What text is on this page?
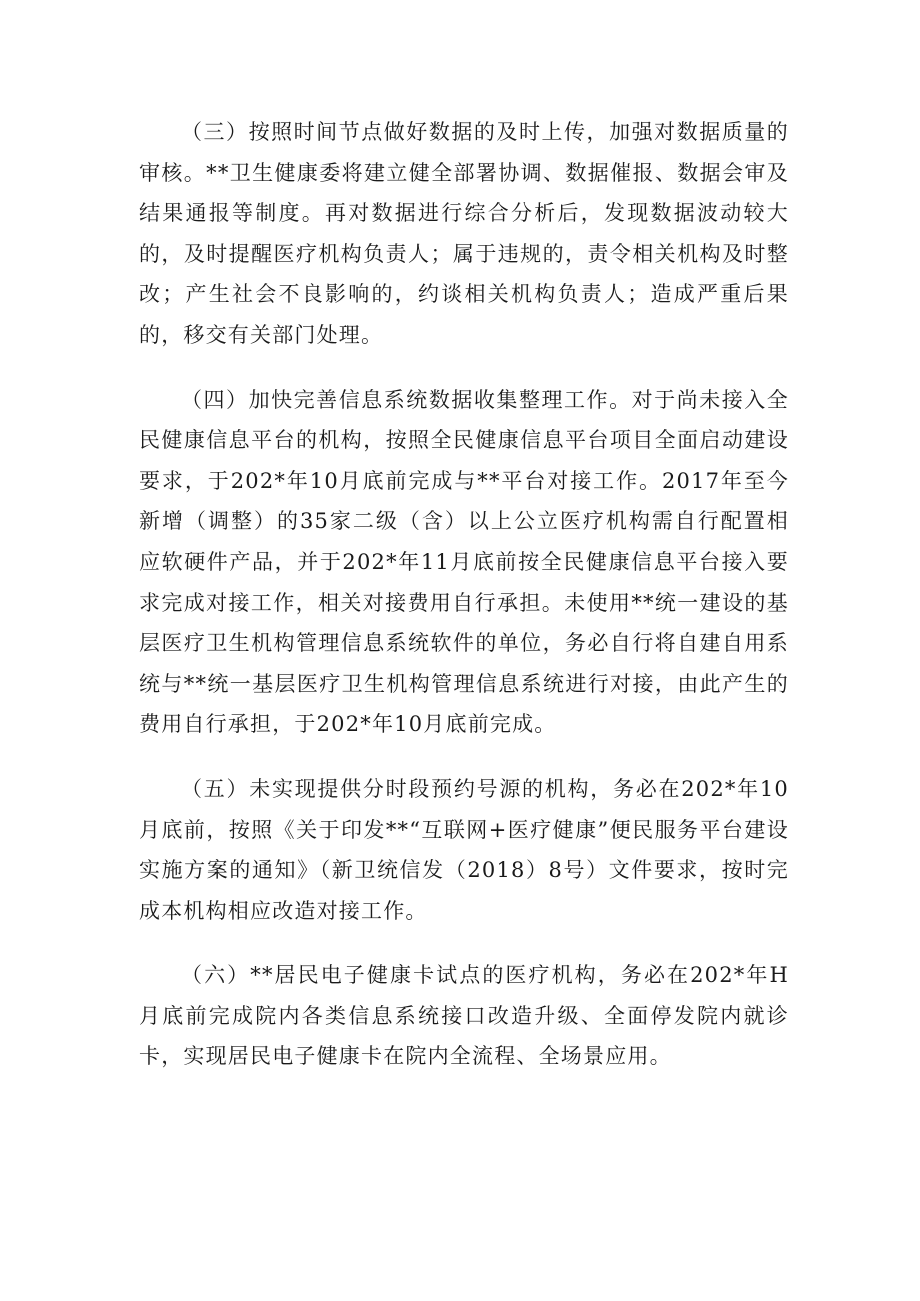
（三）按照时间节点做好数据的及时上传，加强对数据质量的审核。**卫生健康委将建立健全部署协调、数据催报、数据会审及结果通报等制度。再对数据进行综合分析后，发现数据波动较大的，及时提醒医疗机构负责人；属于违规的，责令相关机构及时整改；产生社会不良影响的，约谈相关机构负责人；造成严重后果的，移交有关部门处理。

（四）加快完善信息系统数据收集整理工作。对于尚未接入全民健康信息平台的机构，按照全民健康信息平台项目全面启动建设要求，于202*年10月底前完成与**平台对接工作。2017年至今新增（调整）的35家二级（含）以上公立医疗机构需自行配置相应软硬件产品，并于202*年11月底前按全民健康信息平台接入要求完成对接工作，相关对接费用自行承担。未使用**统一建设的基层医疗卫生机构管理信息系统软件的单位，务必自行将自建自用系统与**统一基层医疗卫生机构管理信息系统进行对接，由此产生的费用自行承担，于202*年10月底前完成。

（五）未实现提供分时段预约号源的机构，务必在202*年10月底前，按照《关于印发**“互联网+医疗健康”便民服务平台建设实施方案的通知》（新卫统信发（2018）8号）文件要求，按时完成本机构相应改造对接工作。

（六）**居民电子健康卡试点的医疗机构，务必在202*年H月底前完成院内各类信息系统接口改造升级、全面停发院内就诊卡，实现居民电子健康卡在院内全流程、全场景应用。
